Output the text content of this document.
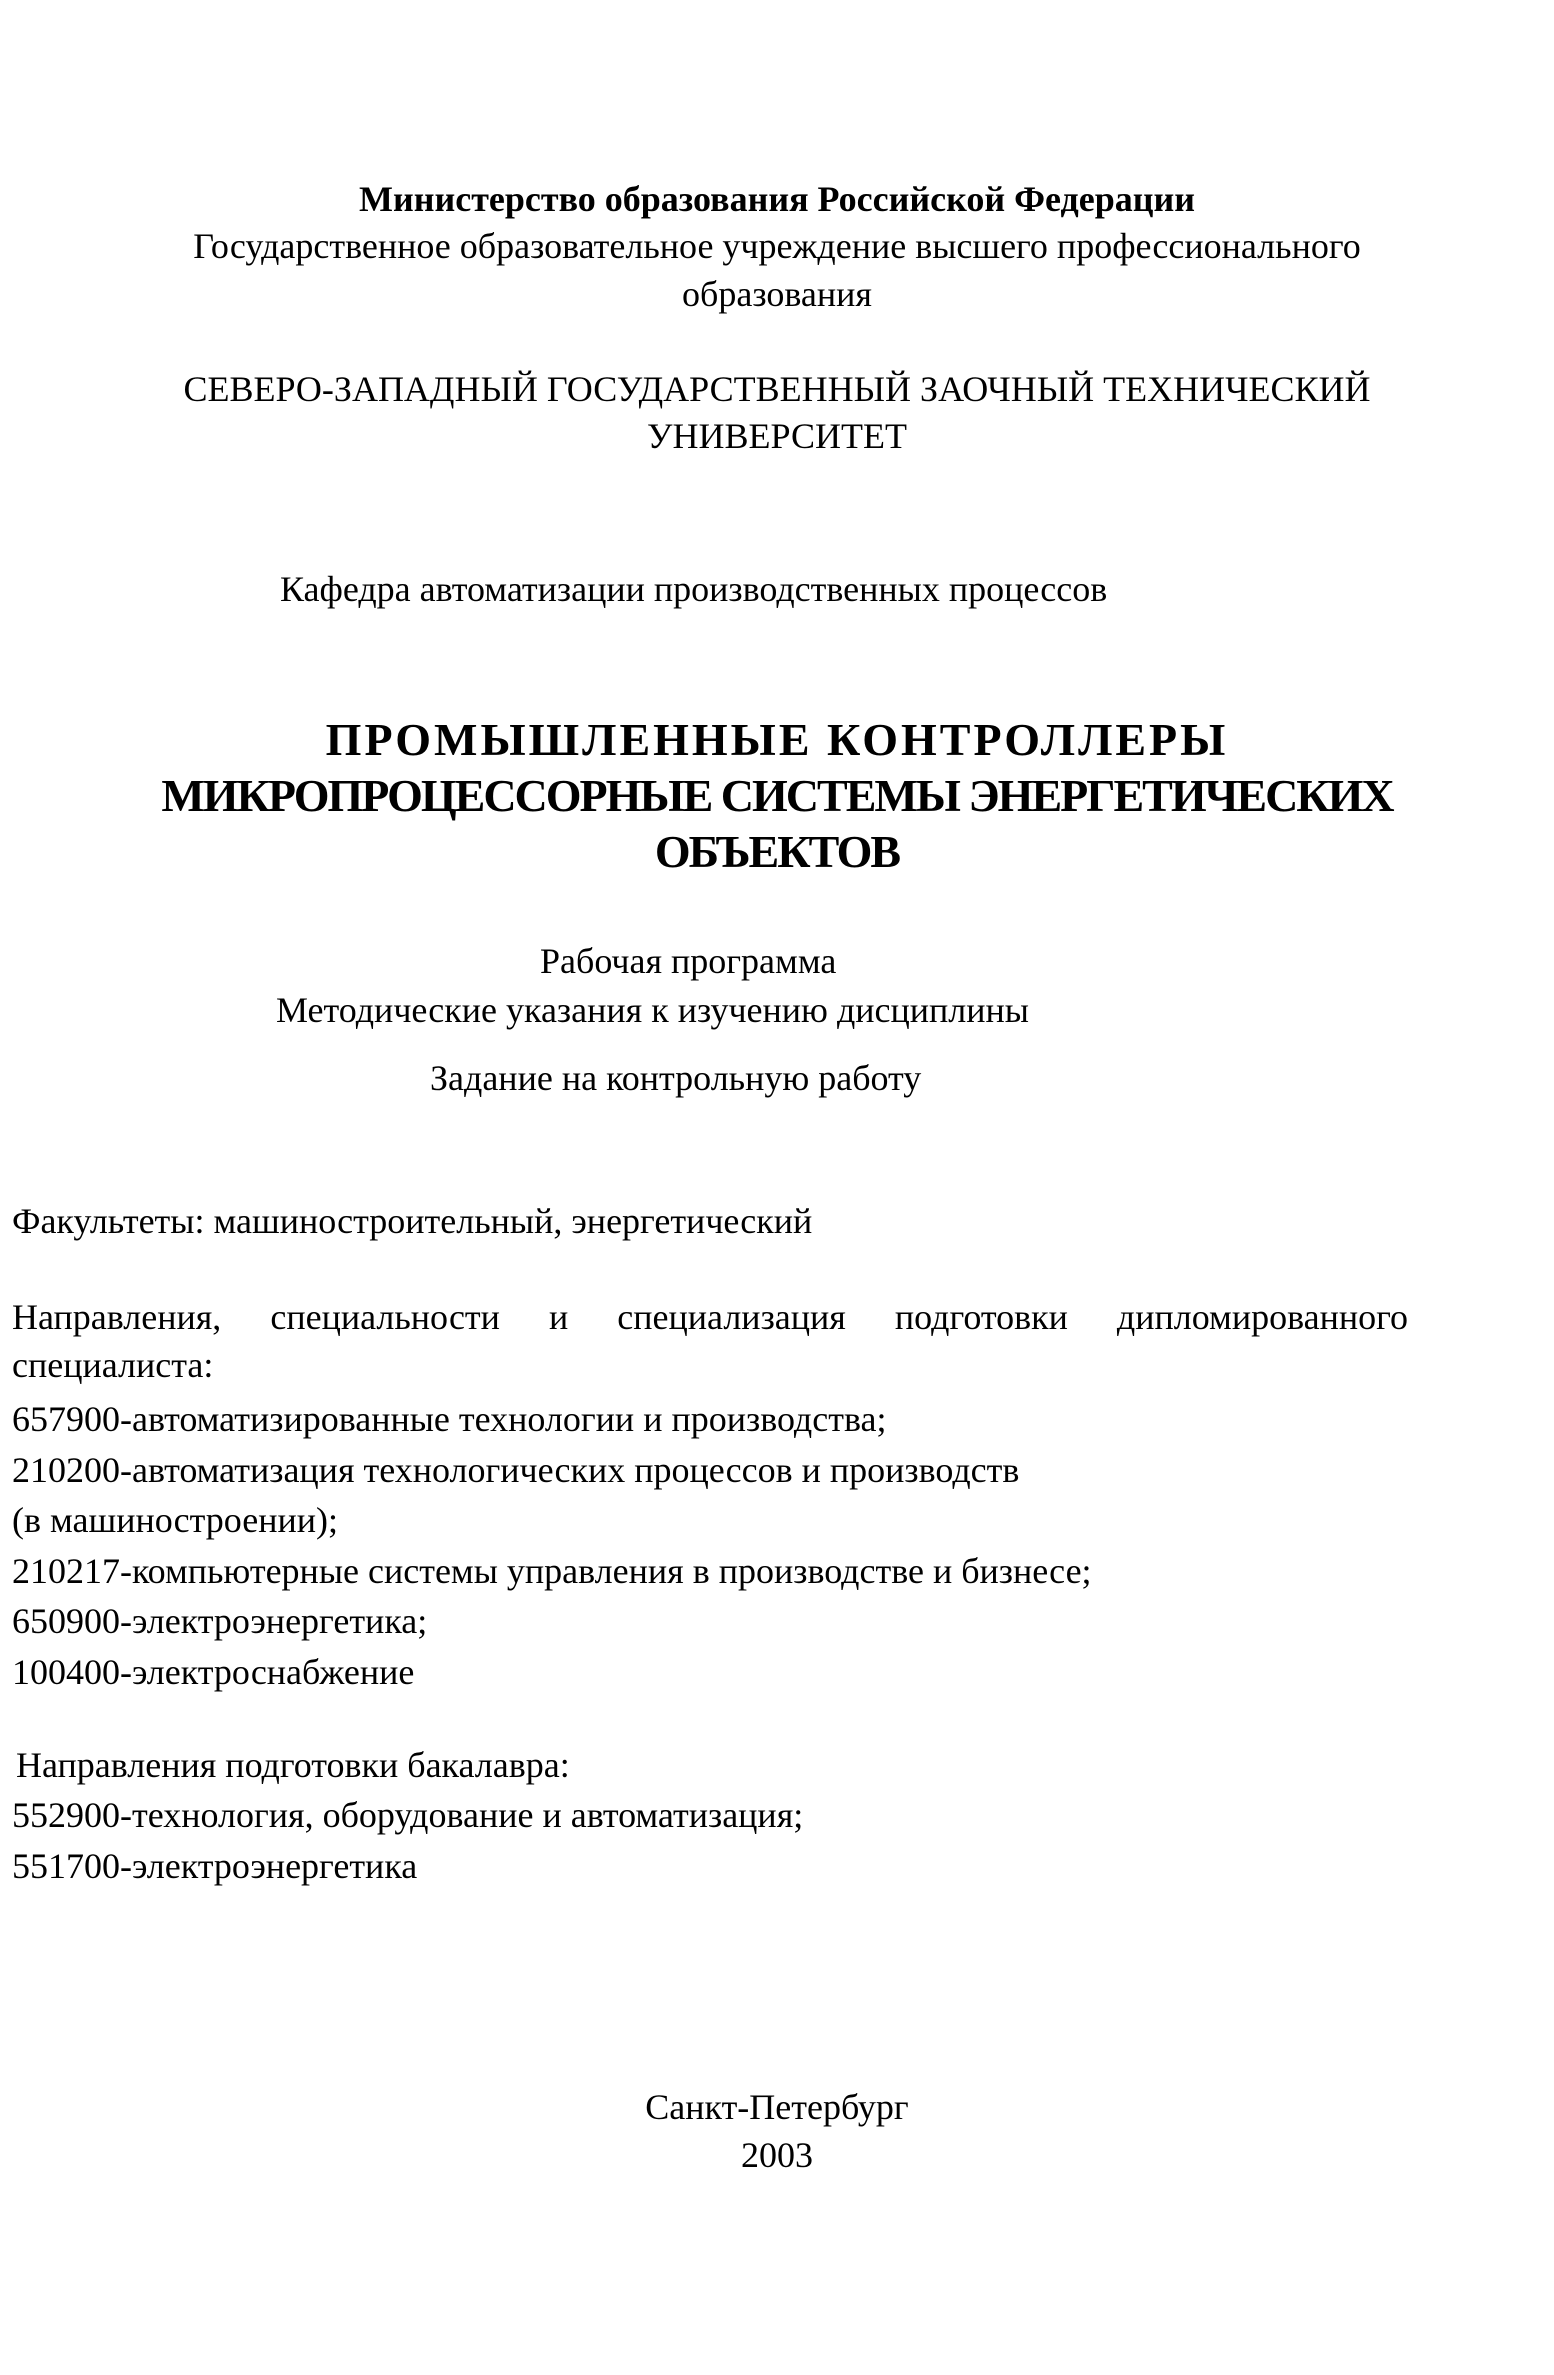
Министерство образования Российской Федерации
Государственное образовательное учреждение высшего профессионального
образования
СЕВЕРО-ЗАПАДНЫЙ ГОСУДАРСТВЕННЫЙ ЗАОЧНЫЙ ТЕХНИЧЕСКИЙ
УНИВЕРСИТЕТ
Кафедра автоматизации производственных процессов
ПРОМЫШЛЕННЫЕ КОНТРОЛЛЕРЫ
МИКРОПРОЦЕССОРНЫЕ СИСТЕМЫ ЭНЕРГЕТИЧЕСКИХ
ОБЪЕКТОВ
Рабочая программа
Методические указания к изучению дисциплины
Задание на контрольную работу
Факультеты: машиностроительный, энергетический
Направления, специальности и специализация подготовки дипломированного
специалиста:
657900-автоматизированные технологии и производства;
210200-автоматизация технологических процессов и производств
(в машиностроении);
210217-компьютерные системы управления в производстве и бизнесе;
650900-электроэнергетика;
100400-электроснабжение
Направления подготовки бакалавра:
552900-технология, оборудование и автоматизация;
551700-электроэнергетика
Санкт-Петербург
2003
